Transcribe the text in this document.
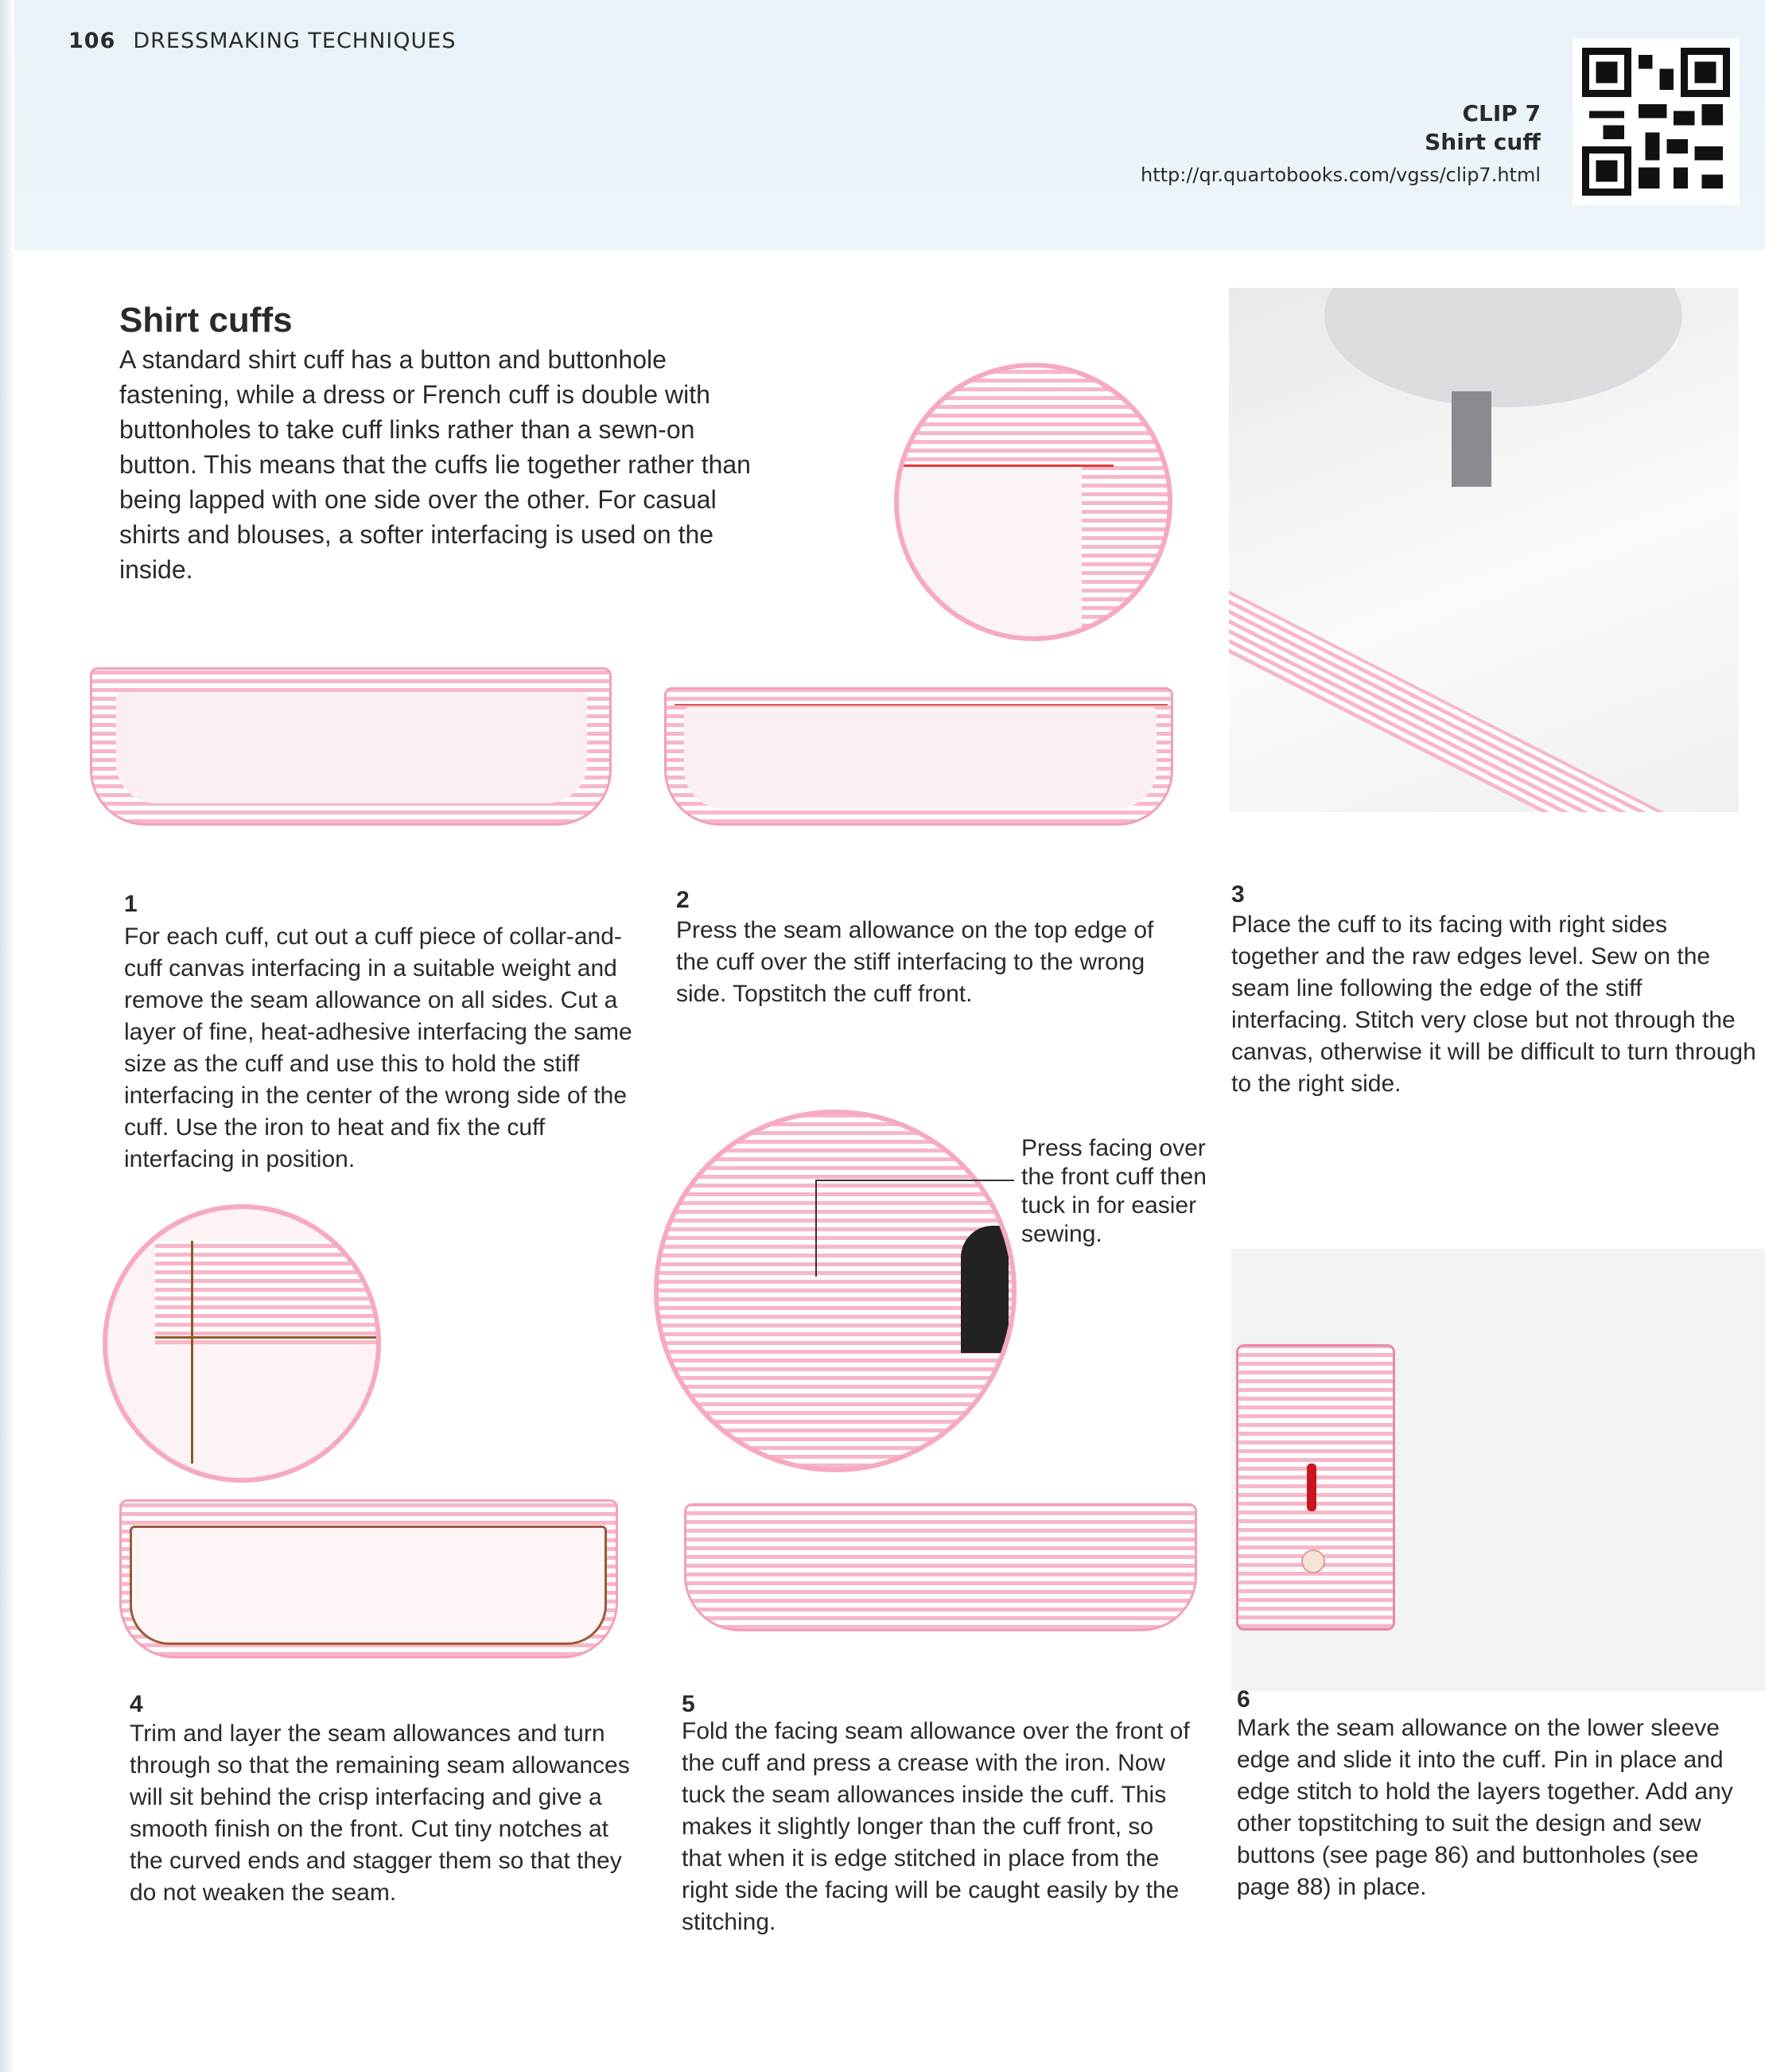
106 DRESSMAKING TECHNIQUES
CLIP 7
Shirt cuff
http://qr.quartobooks.com/vgss/clip7.html
Shirt cuffs
A standard shirt cuff has a button and buttonhole fastening, while a dress or French cuff is double with buttonholes to take cuff links rather than a sewn-on button. This means that the cuffs lie together rather than being lapped with one side over the other. For casual shirts and blouses, a softer interfacing is used on the inside.
1
For each cuff, cut out a cuff piece of collar-and-cuff canvas interfacing in a suitable weight and remove the seam allowance on all sides. Cut a layer of fine, heat-adhesive interfacing the same size as the cuff and use this to hold the stiff interfacing in the center of the wrong side of the cuff. Use the iron to heat and fix the cuff interfacing in position.
2
Press the seam allowance on the top edge of the cuff over the stiff interfacing to the wrong side. Topstitch the cuff front.
3
Place the cuff to its facing with right sides together and the raw edges level. Sew on the seam line following the edge of the stiff interfacing. Stitch very close but not through the canvas, otherwise it will be difficult to turn through to the right side.
Press facing over the front cuff then tuck in for easier sewing.
4
Trim and layer the seam allowances and turn through so that the remaining seam allowances will sit behind the crisp interfacing and give a smooth finish on the front. Cut tiny notches at the curved ends and stagger them so that they do not weaken the seam.
5
Fold the facing seam allowance over the front of the cuff and press a crease with the iron. Now tuck the seam allowances inside the cuff. This makes it slightly longer than the cuff front, so that when it is edge stitched in place from the right side the facing will be caught easily by the stitching.
6
Mark the seam allowance on the lower sleeve edge and slide it into the cuff. Pin in place and edge stitch to hold the layers together. Add any other topstitching to suit the design and sew buttons (see page 86) and buttonholes (see page 88) in place.
